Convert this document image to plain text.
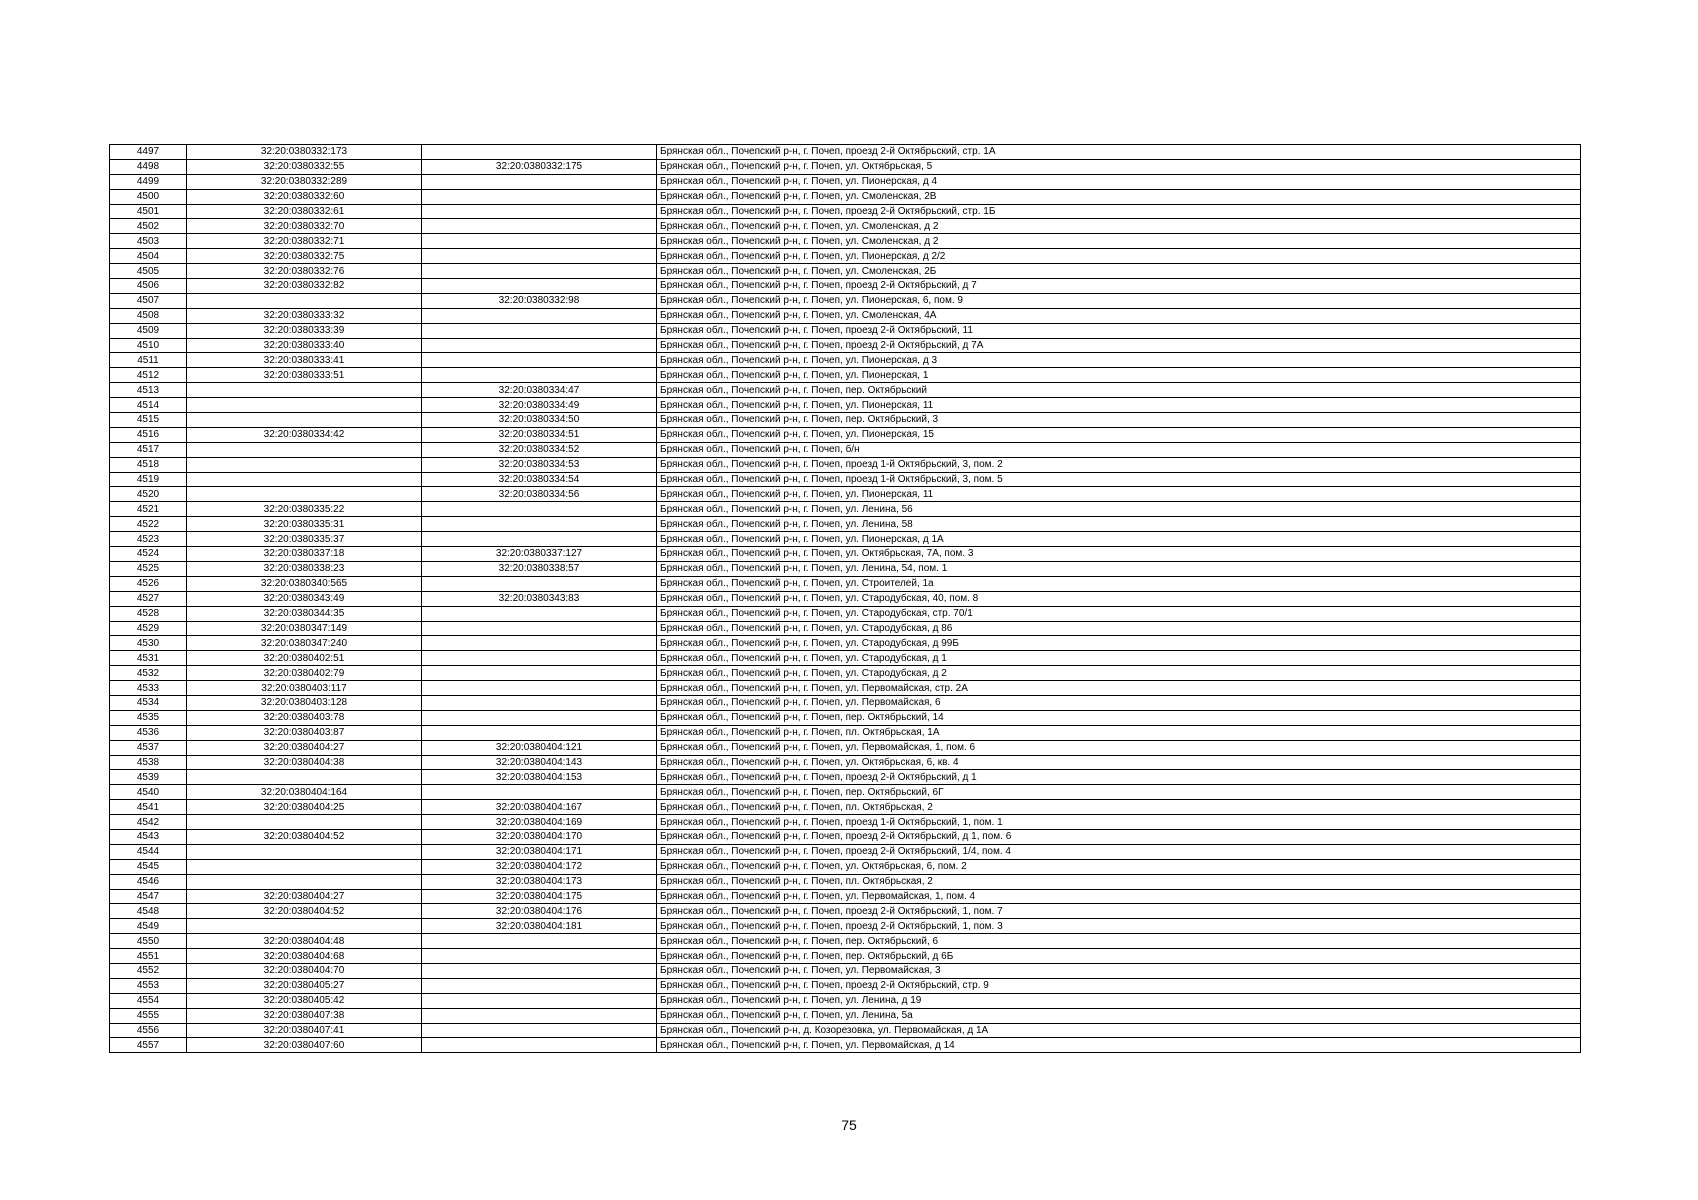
4497	32:20:0380332:173		Брянская обл., Почепский р-н, г. Почеп, проезд 2-й Октябрьский, стр. 1А
4498	32:20:0380332:55	32:20:0380332:175	Брянская обл., Почепский р-н, г. Почеп, ул. Октябрьская, 5
4499	32:20:0380332:289		Брянская обл., Почепский р-н, г. Почеп, ул. Пионерская, д 4
4500	32:20:0380332:60		Брянская обл., Почепский р-н, г. Почеп, ул. Смоленская, 2В
4501	32:20:0380332:61		Брянская обл., Почепский р-н, г. Почеп, проезд 2-й Октябрьский, стр. 1Б
4502	32:20:0380332:70		Брянская обл., Почепский р-н, г. Почеп, ул. Смоленская, д 2
4503	32:20:0380332:71		Брянская обл., Почепский р-н, г. Почеп, ул. Смоленская, д 2
4504	32:20:0380332:75		Брянская обл., Почепский р-н, г. Почеп, ул. Пионерская, д 2/2
4505	32:20:0380332:76		Брянская обл., Почепский р-н, г. Почеп, ул. Смоленская, 2Б
4506	32:20:0380332:82		Брянская обл., Почепский р-н, г. Почеп, проезд 2-й Октябрьский, д 7
4507		32:20:0380332:98	Брянская обл., Почепский р-н, г. Почеп, ул. Пионерская, 6, пом. 9
4508	32:20:0380333:32		Брянская обл., Почепский р-н, г. Почеп, ул. Смоленская, 4А
4509	32:20:0380333:39		Брянская обл., Почепский р-н, г. Почеп, проезд 2-й Октябрьский, 11
4510	32:20:0380333:40		Брянская обл., Почепский р-н, г. Почеп, проезд 2-й Октябрьский, д 7А
4511	32:20:0380333:41		Брянская обл., Почепский р-н, г. Почеп, ул. Пионерская, д 3
4512	32:20:0380333:51		Брянская обл., Почепский р-н, г. Почеп, ул. Пионерская, 1
4513		32:20:0380334:47	Брянская обл., Почепский р-н, г. Почеп, пер. Октябрьский
4514		32:20:0380334:49	Брянская обл., Почепский р-н, г. Почеп, ул. Пионерская, 11
4515		32:20:0380334:50	Брянская обл., Почепский р-н, г. Почеп, пер. Октябрьский, 3
4516	32:20:0380334:42	32:20:0380334:51	Брянская обл., Почепский р-н, г. Почеп, ул. Пионерская, 15
4517		32:20:0380334:52	Брянская обл., Почепский р-н, г. Почеп, б/н
4518		32:20:0380334:53	Брянская обл., Почепский р-н, г. Почеп, проезд 1-й Октябрьский, 3, пом. 2
4519		32:20:0380334:54	Брянская обл., Почепский р-н, г. Почеп, проезд 1-й Октябрьский, 3, пом. 5
4520		32:20:0380334:56	Брянская обл., Почепский р-н, г. Почеп, ул. Пионерская, 11
4521	32:20:0380335:22		Брянская обл., Почепский р-н, г. Почеп, ул. Ленина, 56
4522	32:20:0380335:31		Брянская обл., Почепский р-н, г. Почеп, ул. Ленина, 58
4523	32:20:0380335:37		Брянская обл., Почепский р-н, г. Почеп, ул. Пионерская, д 1А
4524	32:20:0380337:18	32:20:0380337:127	Брянская обл., Почепский р-н, г. Почеп, ул. Октябрьская, 7А, пом. 3
4525	32:20:0380338:23	32:20:0380338:57	Брянская обл., Почепский р-н, г. Почеп, ул. Ленина, 54, пом. 1
4526	32:20:0380340:565		Брянская обл., Почепский р-н, г. Почеп, ул. Строителей, 1а
4527	32:20:0380343:49	32:20:0380343:83	Брянская обл., Почепский р-н, г. Почеп, ул. Стародубская, 40, пом. 8
4528	32:20:0380344:35		Брянская обл., Почепский р-н, г. Почеп, ул. Стародубская, стр. 70/1
4529	32:20:0380347:149		Брянская обл., Почепский р-н, г. Почеп, ул. Стародубская, д 86
4530	32:20:0380347:240		Брянская обл., Почепский р-н, г. Почеп, ул. Стародубская, д 99Б
4531	32:20:0380402:51		Брянская обл., Почепский р-н, г. Почеп, ул. Стародубская, д 1
4532	32:20:0380402:79		Брянская обл., Почепский р-н, г. Почеп, ул. Стародубская, д 2
4533	32:20:0380403:117		Брянская обл., Почепский р-н, г. Почеп, ул. Первомайская, стр. 2А
4534	32:20:0380403:128		Брянская обл., Почепский р-н, г. Почеп, ул. Первомайская, 6
4535	32:20:0380403:78		Брянская обл., Почепский р-н, г. Почеп, пер. Октябрьский, 14
4536	32:20:0380403:87		Брянская обл., Почепский р-н, г. Почеп, пл. Октябрьская, 1А
4537	32:20:0380404:27	32:20:0380404:121	Брянская обл., Почепский р-н, г. Почеп, ул. Первомайская, 1, пом. 6
4538	32:20:0380404:38	32:20:0380404:143	Брянская обл., Почепский р-н, г. Почеп, ул. Октябрьская, 6, кв. 4
4539		32:20:0380404:153	Брянская обл., Почепский р-н, г. Почеп, проезд 2-й Октябрьский, д 1
4540	32:20:0380404:164		Брянская обл., Почепский р-н, г. Почеп, пер. Октябрьский, 6Г
4541	32:20:0380404:25	32:20:0380404:167	Брянская обл., Почепский р-н, г. Почеп, пл. Октябрьская, 2
4542		32:20:0380404:169	Брянская обл., Почепский р-н, г. Почеп, проезд 1-й Октябрьский, 1, пом. 1
4543	32:20:0380404:52	32:20:0380404:170	Брянская обл., Почепский р-н, г. Почеп, проезд 2-й Октябрьский, д 1, пом. 6
4544		32:20:0380404:171	Брянская обл., Почепский р-н, г. Почеп, проезд 2-й Октябрьский, 1/4, пом. 4
4545		32:20:0380404:172	Брянская обл., Почепский р-н, г. Почеп, ул. Октябрьская, 6, пом. 2
4546		32:20:0380404:173	Брянская обл., Почепский р-н, г. Почеп, пл. Октябрьская, 2
4547	32:20:0380404:27	32:20:0380404:175	Брянская обл., Почепский р-н, г. Почеп, ул. Первомайская, 1, пом. 4
4548	32:20:0380404:52	32:20:0380404:176	Брянская обл., Почепский р-н, г. Почеп, проезд 2-й Октябрьский, 1, пом. 7
4549		32:20:0380404:181	Брянская обл., Почепский р-н, г. Почеп, проезд 2-й Октябрьский, 1, пом. 3
4550	32:20:0380404:48		Брянская обл., Почепский р-н, г. Почеп, пер. Октябрьский, 6
4551	32:20:0380404:68		Брянская обл., Почепский р-н, г. Почеп, пер. Октябрьский, д 6Б
4552	32:20:0380404:70		Брянская обл., Почепский р-н, г. Почеп, ул. Первомайская, 3
4553	32:20:0380405:27		Брянская обл., Почепский р-н, г. Почеп, проезд 2-й Октябрьский, стр. 9
4554	32:20:0380405:42		Брянская обл., Почепский р-н, г. Почеп, ул. Ленина, д 19
4555	32:20:0380407:38		Брянская обл., Почепский р-н, г. Почеп, ул. Ленина, 5а
4556	32:20:0380407:41		Брянская обл., Почепский р-н, д. Козорезовка, ул. Первомайская, д 1А
4557	32:20:0380407:60		Брянская обл., Почепский р-н, г. Почеп, ул. Первомайская, д 14
75
